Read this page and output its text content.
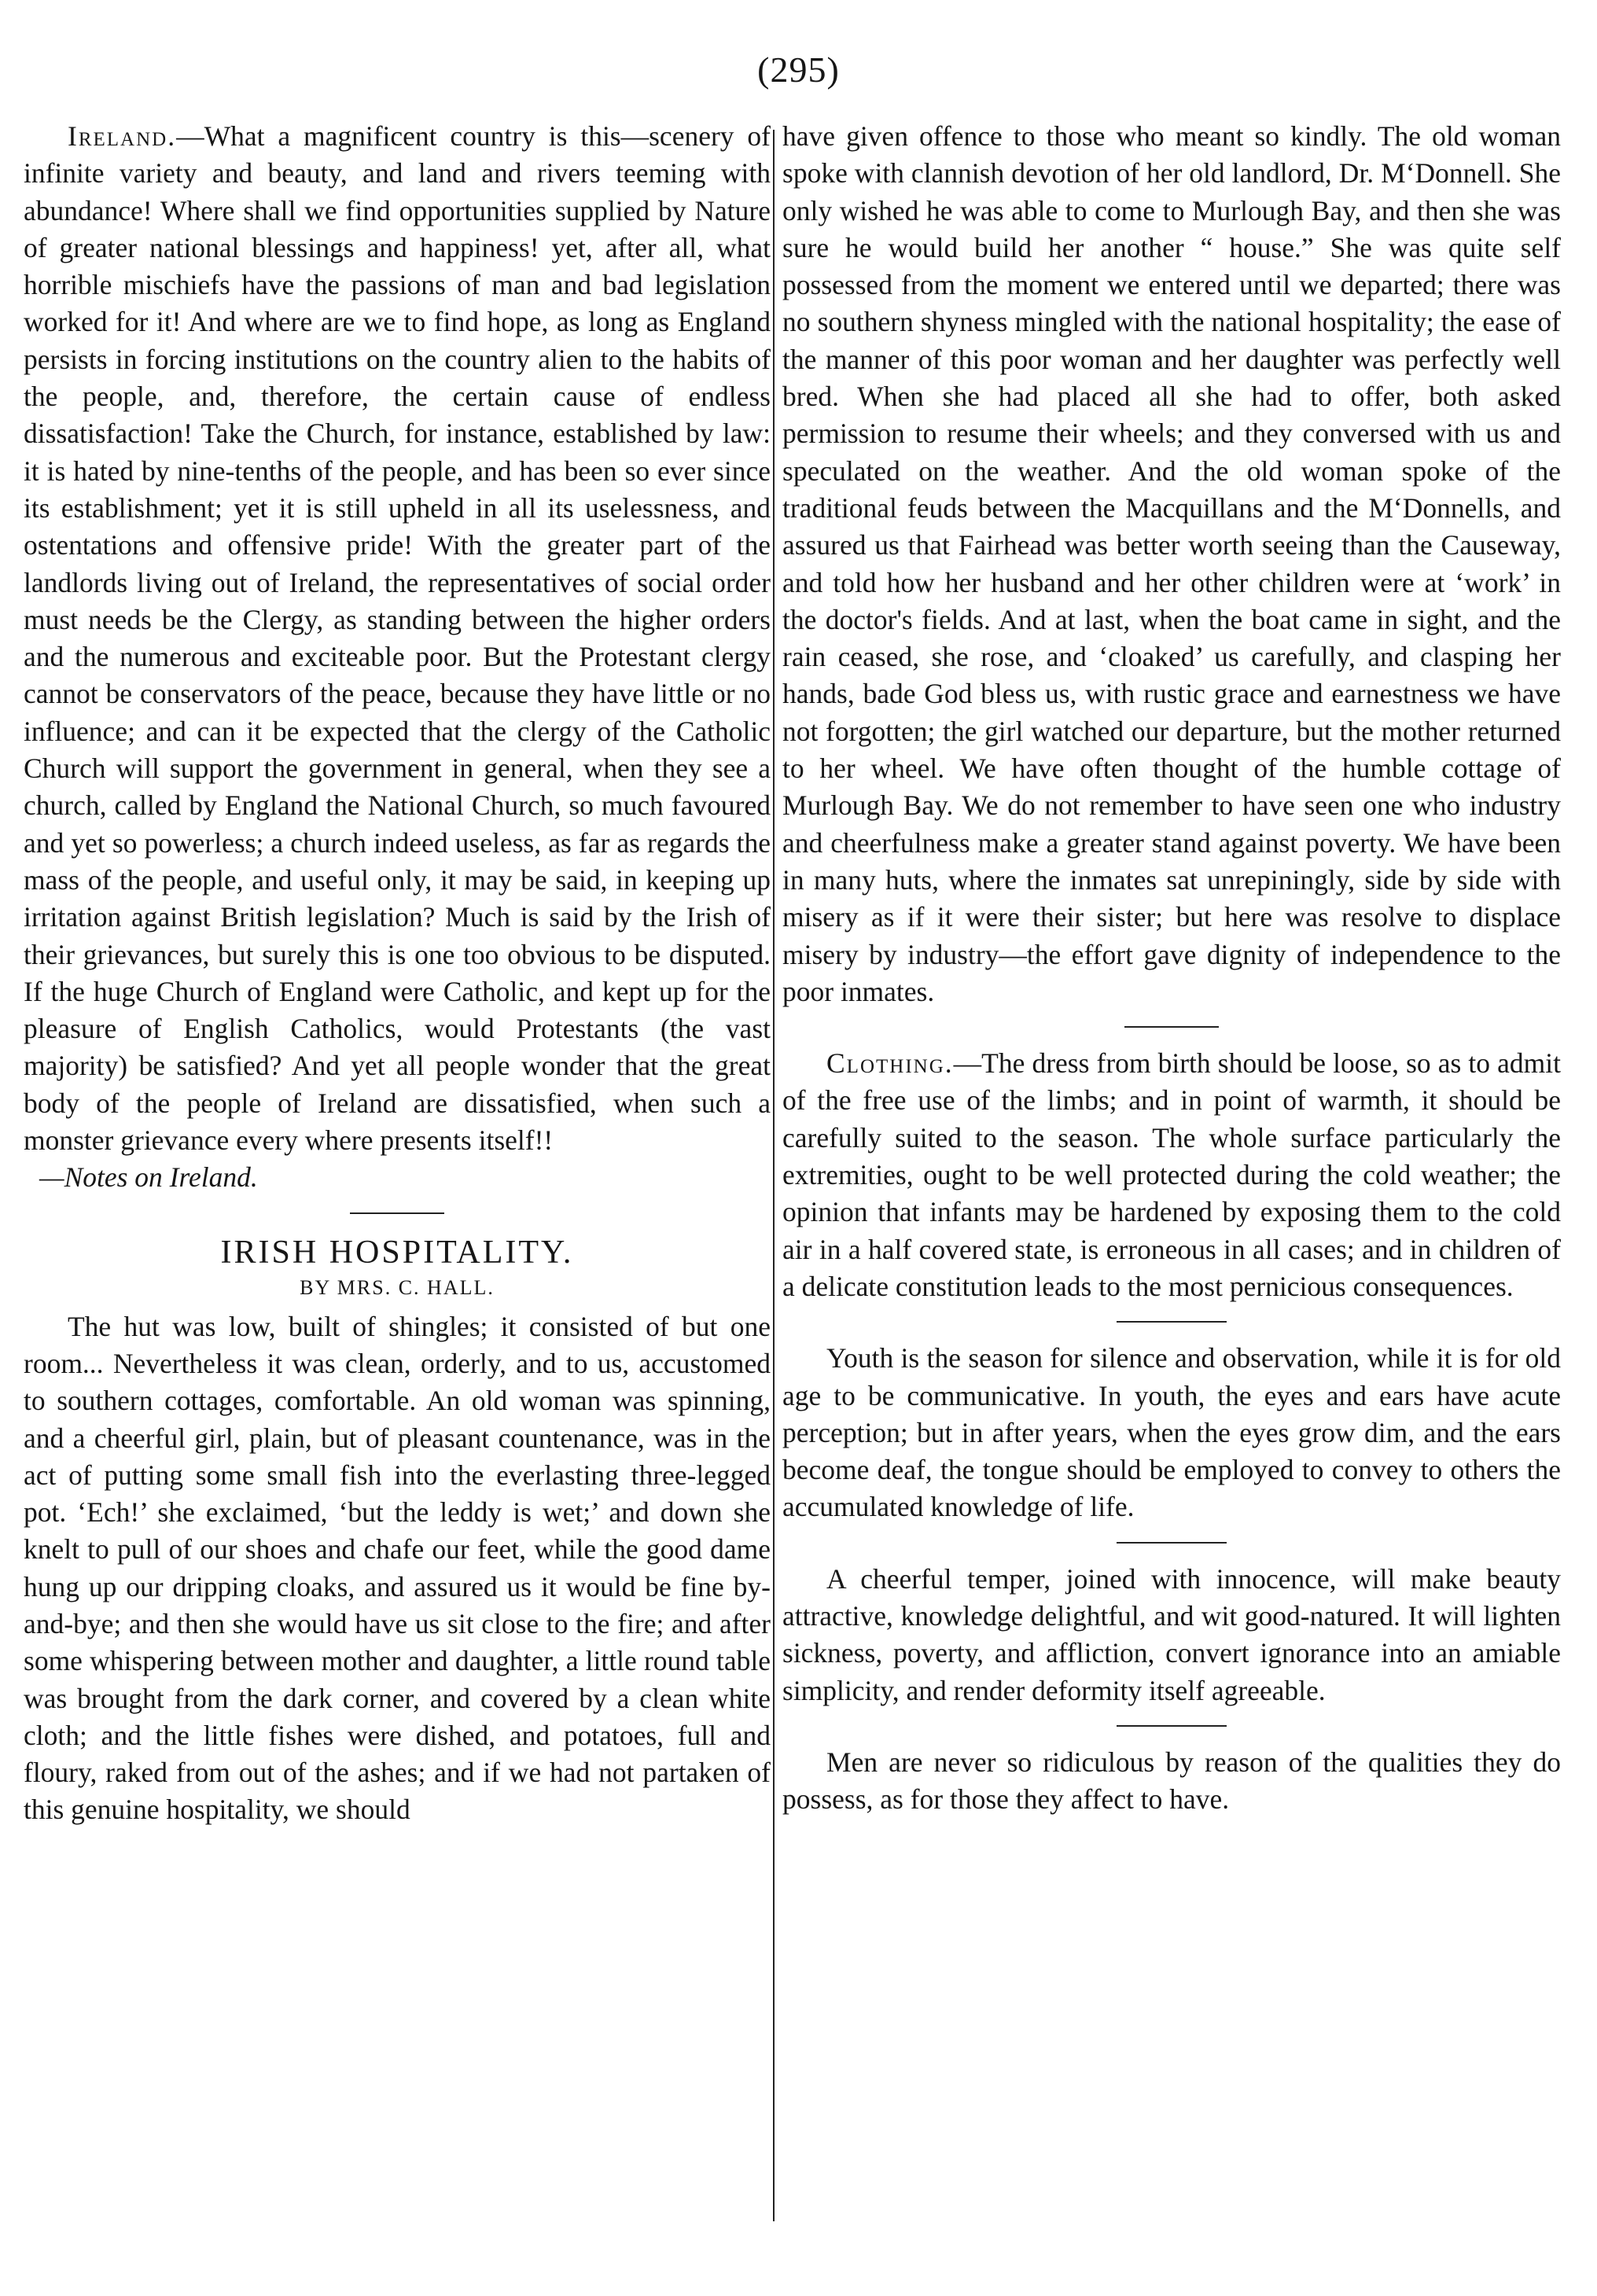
(295)

Ireland.—What a magnificent country is this—scenery of infinite variety and beauty, and land and rivers teeming with abundance! Where shall we find opportunities supplied by Nature of greater national blessings and happiness! yet, after all, what horrible mischiefs have the passions of man and bad legislation worked for it! And where are we to find hope, as long as England persists in forcing institutions on the country alien to the habits of the people, and, therefore, the certain cause of endless dissatisfaction! Take the Church, for instance, established by law: it is hated by nine-tenths of the people, and has been so ever since its establishment; yet it is still upheld in all its uselessness, and ostentations and offensive pride! With the greater part of the landlords living out of Ireland, the representatives of social order must needs be the Clergy, as standing between the higher orders and the numerous and exciteable poor. But the Protestant clergy cannot be conservators of the peace, because they have little or no influence; and can it be expected that the clergy of the Catholic Church will support the government in general, when they see a church, called by England the National Church, so much favoured and yet so powerless; a church indeed useless, as far as regards the mass of the people, and useful only, it may be said, in keeping up irritation against British legislation? Much is said by the Irish of their grievances, but surely this is one too obvious to be disputed. If the huge Church of England were Catholic, and kept up for the pleasure of English Catholics, would Protestants (the vast majority) be satisfied? And yet all people wonder that the great body of the people of Ireland are dissatisfied, when such a monster grievance every where presents itself!!

—Notes on Ireland.

IRISH HOSPITALITY.
BY MRS. C. HALL.

The hut was low, built of shingles; it consisted of but one room... Nevertheless it was clean, orderly, and to us, accustomed to southern cottages, comfortable. An old woman was spinning, and a cheerful girl, plain, but of pleasant countenance, was in the act of putting some small fish into the everlasting three-legged pot. ‘Ech!’ she exclaimed, ‘but the leddy is wet;’ and down she knelt to pull of our shoes and chafe our feet, while the good dame hung up our dripping cloaks, and assured us it would be fine by-and-bye; and then she would have us sit close to the fire; and after some whispering between mother and daughter, a little round table was brought from the dark corner, and covered by a clean white cloth; and the little fishes were dished, and potatoes, full and floury, raked from out of the ashes; and if we had not partaken of this genuine hospitality, we should

have given offence to those who meant so kindly. The old woman spoke with clannish devotion of her old landlord, Dr. M‘Donnell. She only wished he was able to come to Murlough Bay, and then she was sure he would build her another “ house.” She was quite self possessed from the moment we entered until we departed; there was no southern shyness mingled with the national hospitality; the ease of the manner of this poor woman and her daughter was perfectly well bred. When she had placed all she had to offer, both asked permission to resume their wheels; and they conversed with us and speculated on the weather. And the old woman spoke of the traditional feuds between the Macquillans and the M‘Donnells, and assured us that Fairhead was better worth seeing than the Causeway, and told how her husband and her other children were at ‘work’ in the doctor's fields. And at last, when the boat came in sight, and the rain ceased, she rose, and ‘cloaked’ us carefully, and clasping her hands, bade God bless us, with rustic grace and earnestness we have not forgotten; the girl watched our departure, but the mother returned to her wheel. We have often thought of the humble cottage of Murlough Bay. We do not remember to have seen one who industry and cheerfulness make a greater stand against poverty. We have been in many huts, where the inmates sat unrepiningly, side by side with misery as if it were their sister; but here was resolve to displace misery by industry—the effort gave dignity of independence to the poor inmates.

Clothing.—The dress from birth should be loose, so as to admit of the free use of the limbs; and in point of warmth, it should be carefully suited to the season. The whole surface particularly the extremities, ought to be well protected during the cold weather; the opinion that infants may be hardened by exposing them to the cold air in a half covered state, is erroneous in all cases; and in children of a delicate constitution leads to the most pernicious consequences.

Youth is the season for silence and observation, while it is for old age to be communicative. In youth, the eyes and ears have acute perception; but in after years, when the eyes grow dim, and the ears become deaf, the tongue should be employed to convey to others the accumulated knowledge of life.

A cheerful temper, joined with innocence, will make beauty attractive, knowledge delightful, and wit good-natured. It will lighten sickness, poverty, and affliction, convert ignorance into an amiable simplicity, and render deformity itself agreeable.

Men are never so ridiculous by reason of the qualities they do possess, as for those they affect to have.
